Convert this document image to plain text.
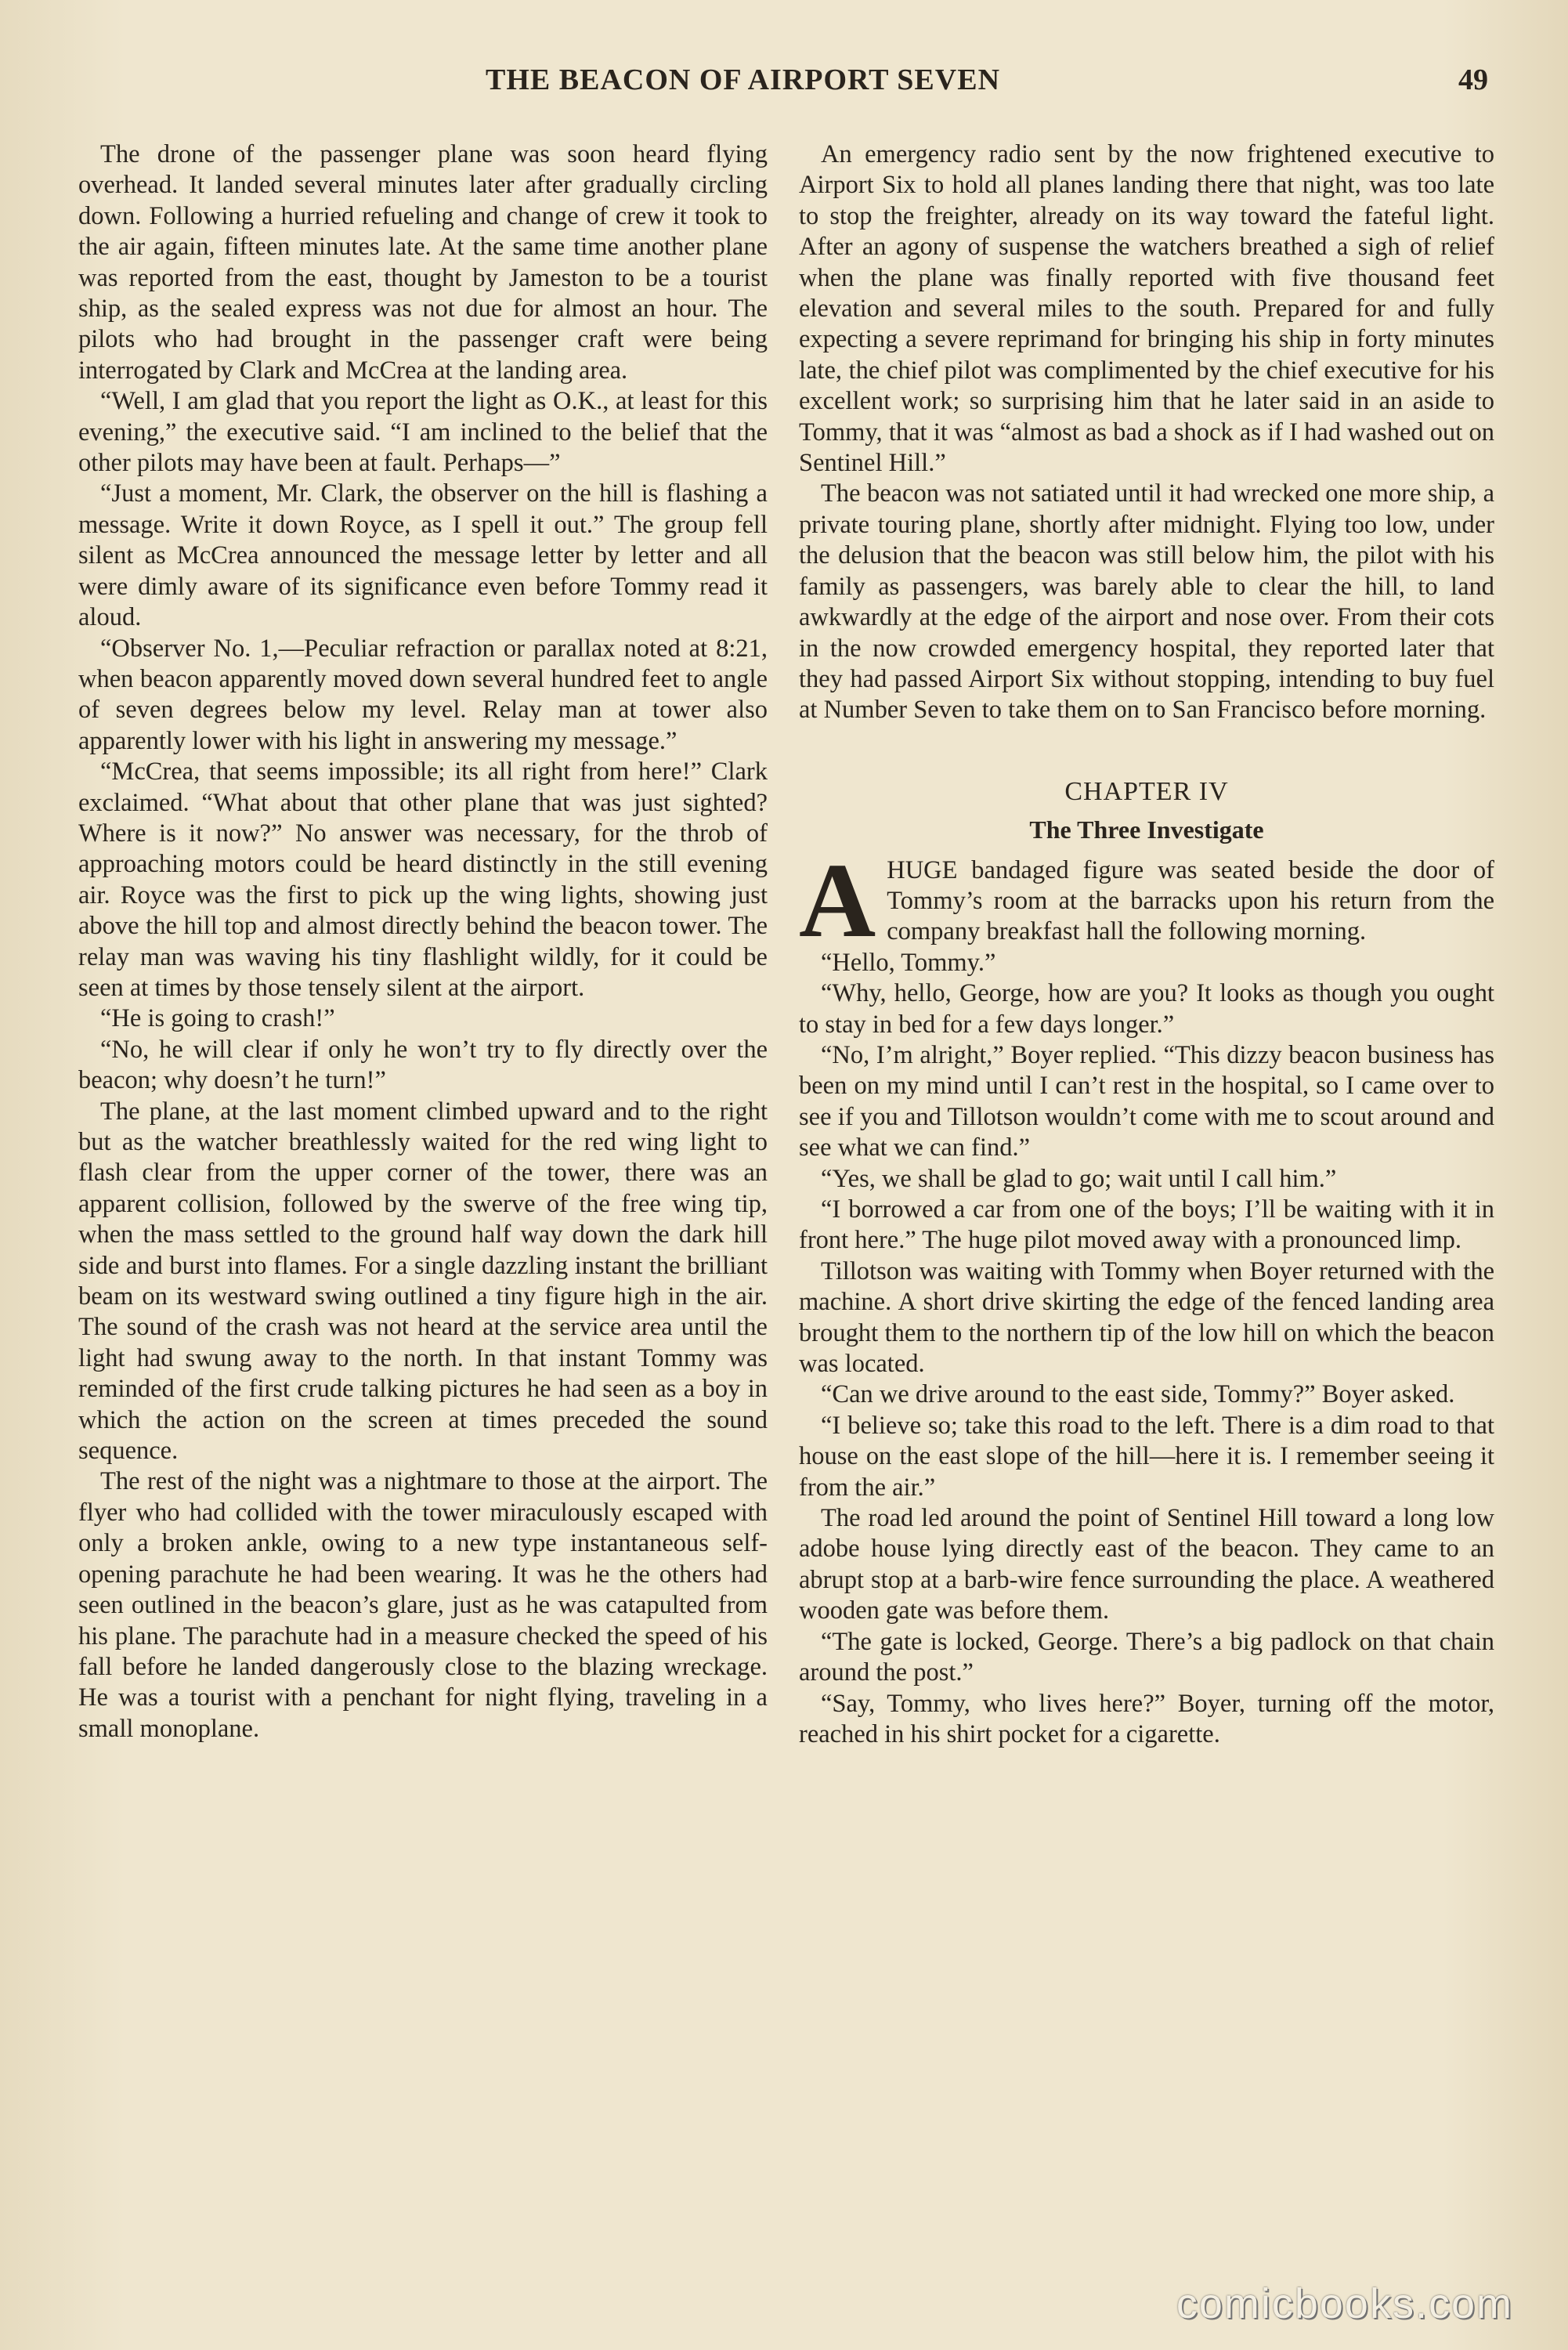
THE BEACON OF AIRPORT SEVEN	49

The drone of the passenger plane was soon heard flying overhead. It landed several minutes later after gradually circling down. Following a hurried refueling and change of crew it took to the air again, fifteen minutes late. At the same time another plane was reported from the east, thought by Jameston to be a tourist ship, as the sealed express was not due for almost an hour. The pilots who had brought in the passenger craft were being interrogated by Clark and McCrea at the landing area.

“Well, I am glad that you report the light as O.K., at least for this evening,” the executive said. “I am inclined to the belief that the other pilots may have been at fault. Perhaps—”

“Just a moment, Mr. Clark, the observer on the hill is flashing a message. Write it down Royce, as I spell it out.” The group fell silent as McCrea announced the message letter by letter and all were dimly aware of its significance even before Tommy read it aloud.

“Observer No. 1,—Peculiar refraction or parallax noted at 8:21, when beacon apparently moved down several hundred feet to angle of seven degrees below my level. Relay man at tower also apparently lower with his light in answering my message.”

“McCrea, that seems impossible; its all right from here!” Clark exclaimed. “What about that other plane that was just sighted? Where is it now?” No answer was necessary, for the throb of approaching motors could be heard distinctly in the still evening air. Royce was the first to pick up the wing lights, showing just above the hill top and almost directly behind the beacon tower. The relay man was waving his tiny flashlight wildly, for it could be seen at times by those tensely silent at the airport.

“He is going to crash!”

“No, he will clear if only he won’t try to fly directly over the beacon; why doesn’t he turn!”

The plane, at the last moment climbed upward and to the right but as the watcher breathlessly waited for the red wing light to flash clear from the upper corner of the tower, there was an apparent collision, followed by the swerve of the free wing tip, when the mass settled to the ground half way down the dark hill side and burst into flames. For a single dazzling instant the brilliant beam on its westward swing outlined a tiny figure high in the air. The sound of the crash was not heard at the service area until the light had swung away to the north. In that instant Tommy was reminded of the first crude talking pictures he had seen as a boy in which the action on the screen at times preceded the sound sequence.

The rest of the night was a nightmare to those at the airport. The flyer who had collided with the tower miraculously escaped with only a broken ankle, owing to a new type instantaneous self-opening parachute he had been wearing. It was he the others had seen outlined in the beacon’s glare, just as he was catapulted from his plane. The parachute had in a measure checked the speed of his fall before he landed dangerously close to the blazing wreckage. He was a tourist with a penchant for night flying, traveling in a small monoplane.

An emergency radio sent by the now frightened executive to Airport Six to hold all planes landing there that night, was too late to stop the freighter, already on its way toward the fateful light. After an agony of suspense the watchers breathed a sigh of relief when the plane was finally reported with five thousand feet elevation and several miles to the south. Prepared for and fully expecting a severe reprimand for bringing his ship in forty minutes late, the chief pilot was complimented by the chief executive for his excellent work; so surprising him that he later said in an aside to Tommy, that it was “almost as bad a shock as if I had washed out on Sentinel Hill.”

The beacon was not satiated until it had wrecked one more ship, a private touring plane, shortly after midnight. Flying too low, under the delusion that the beacon was still below him, the pilot with his family as passengers, was barely able to clear the hill, to land awkwardly at the edge of the airport and nose over. From their cots in the now crowded emergency hospital, they reported later that they had passed Airport Six without stopping, intending to buy fuel at Number Seven to take them on to San Francisco before morning.

CHAPTER IV
The Three Investigate

AHUGE bandaged figure was seated beside the door of Tommy’s room at the barracks upon his return from the company breakfast hall the following morning.

“Hello, Tommy.”

“Why, hello, George, how are you? It looks as though you ought to stay in bed for a few days longer.”

“No, I’m alright,” Boyer replied. “This dizzy beacon business has been on my mind until I can’t rest in the hospital, so I came over to see if you and Tillotson wouldn’t come with me to scout around and see what we can find.”

“Yes, we shall be glad to go; wait until I call him.”

“I borrowed a car from one of the boys; I’ll be waiting with it in front here.” The huge pilot moved away with a pronounced limp.

Tillotson was waiting with Tommy when Boyer returned with the machine. A short drive skirting the edge of the fenced landing area brought them to the northern tip of the low hill on which the beacon was located.

“Can we drive around to the east side, Tommy?” Boyer asked.

“I believe so; take this road to the left. There is a dim road to that house on the east slope of the hill—here it is. I remember seeing it from the air.”

The road led around the point of Sentinel Hill toward a long low adobe house lying directly east of the beacon. They came to an abrupt stop at a barb-wire fence surrounding the place. A weathered wooden gate was before them.

“The gate is locked, George. There’s a big padlock on that chain around the post.”

“Say, Tommy, who lives here?” Boyer, turning off the motor, reached in his shirt pocket for a cigarette.

comicbooks.com
